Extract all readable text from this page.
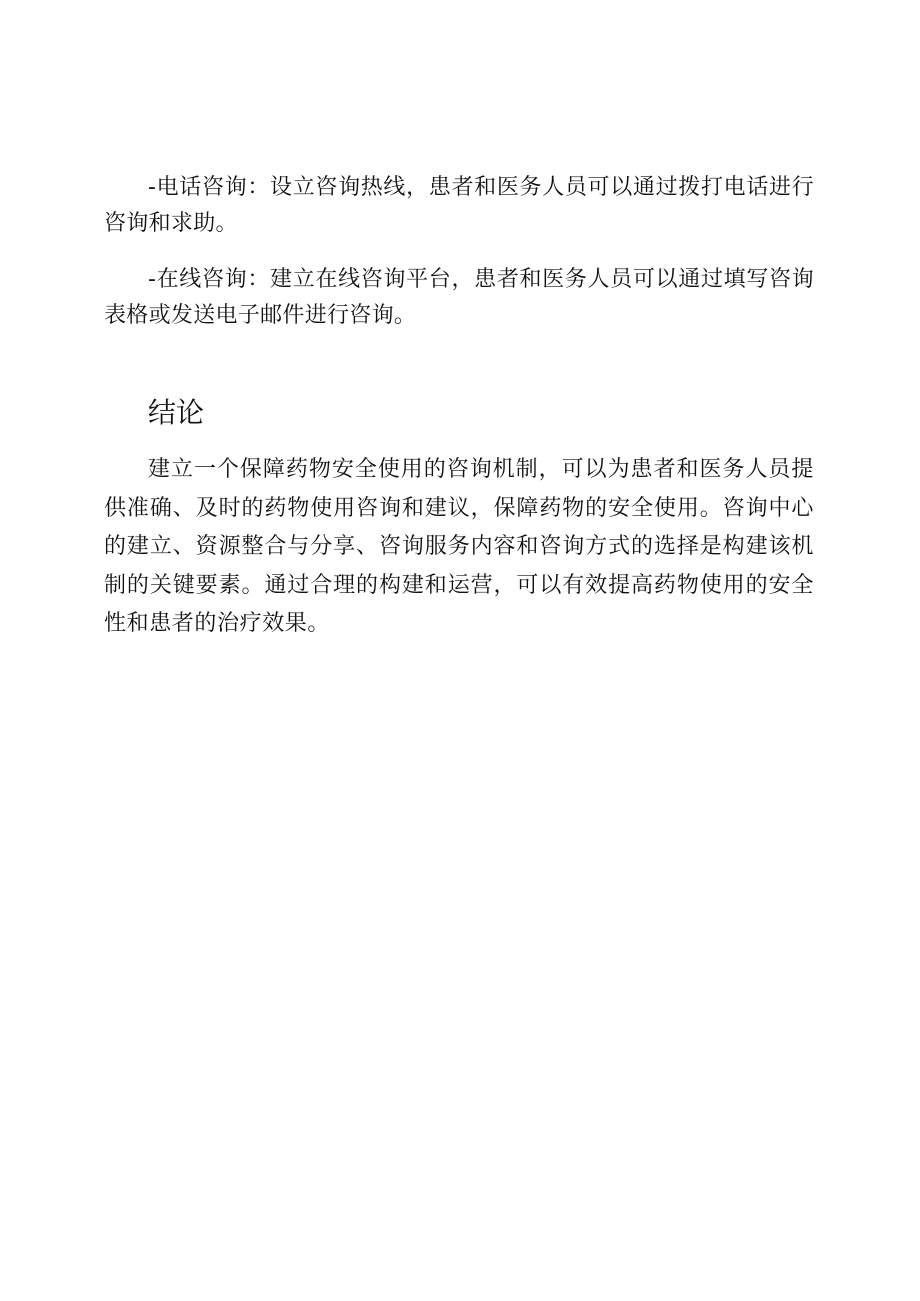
-电话咨询：设立咨询热线，患者和医务人员可以通过拨打电话进行咨询和求助。

-在线咨询：建立在线咨询平台，患者和医务人员可以通过填写咨询表格或发送电子邮件进行咨询。

结论

建立一个保障药物安全使用的咨询机制，可以为患者和医务人员提供准确、及时的药物使用咨询和建议，保障药物的安全使用。咨询中心的建立、资源整合与分享、咨询服务内容和咨询方式的选择是构建该机制的关键要素。通过合理的构建和运营，可以有效提高药物使用的安全性和患者的治疗效果。
